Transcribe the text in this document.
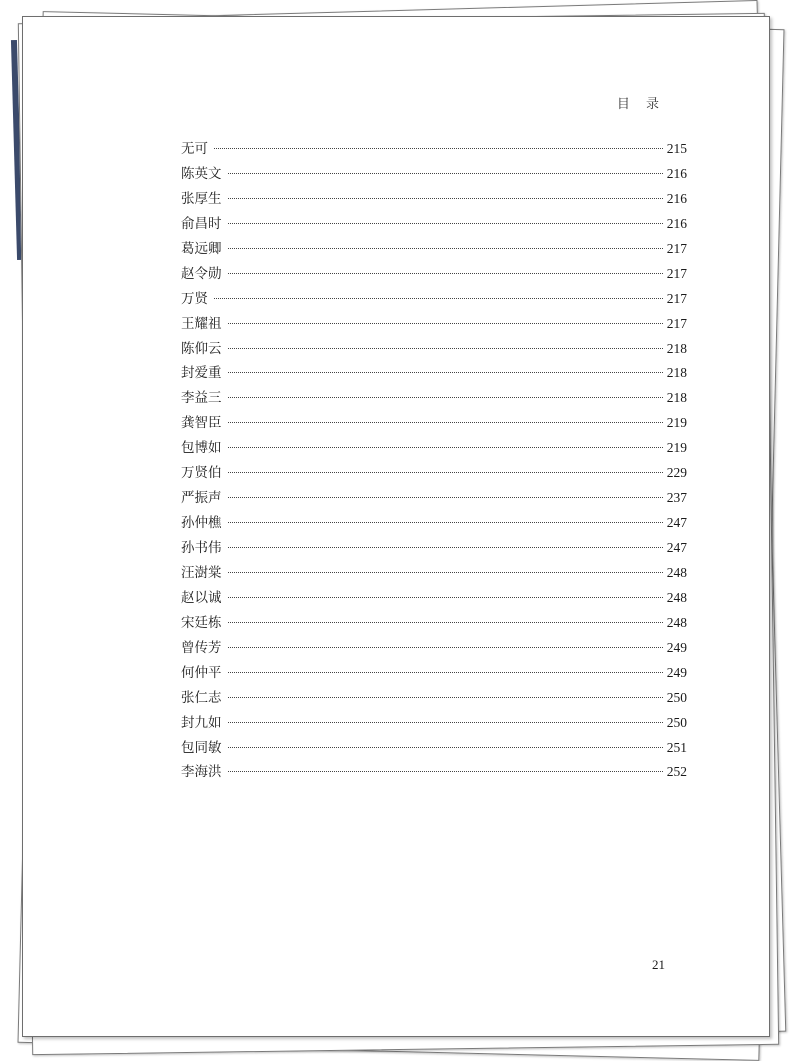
目 录
无可	215
陈英文	216
张厚生	216
俞昌时	216
葛远卿	217
赵令勋	217
万贤	217
王耀祖	217
陈仰云	218
封爱重	218
李益三	218
龚智臣	219
包博如	219
万贤伯	229
严振声	237
孙仲樵	247
孙书伟	247
汪澍棠	248
赵以诚	248
宋廷栋	248
曾传芳	249
何仲平	249
张仁志	250
封九如	250
包同敏	251
李海洪	252
21
